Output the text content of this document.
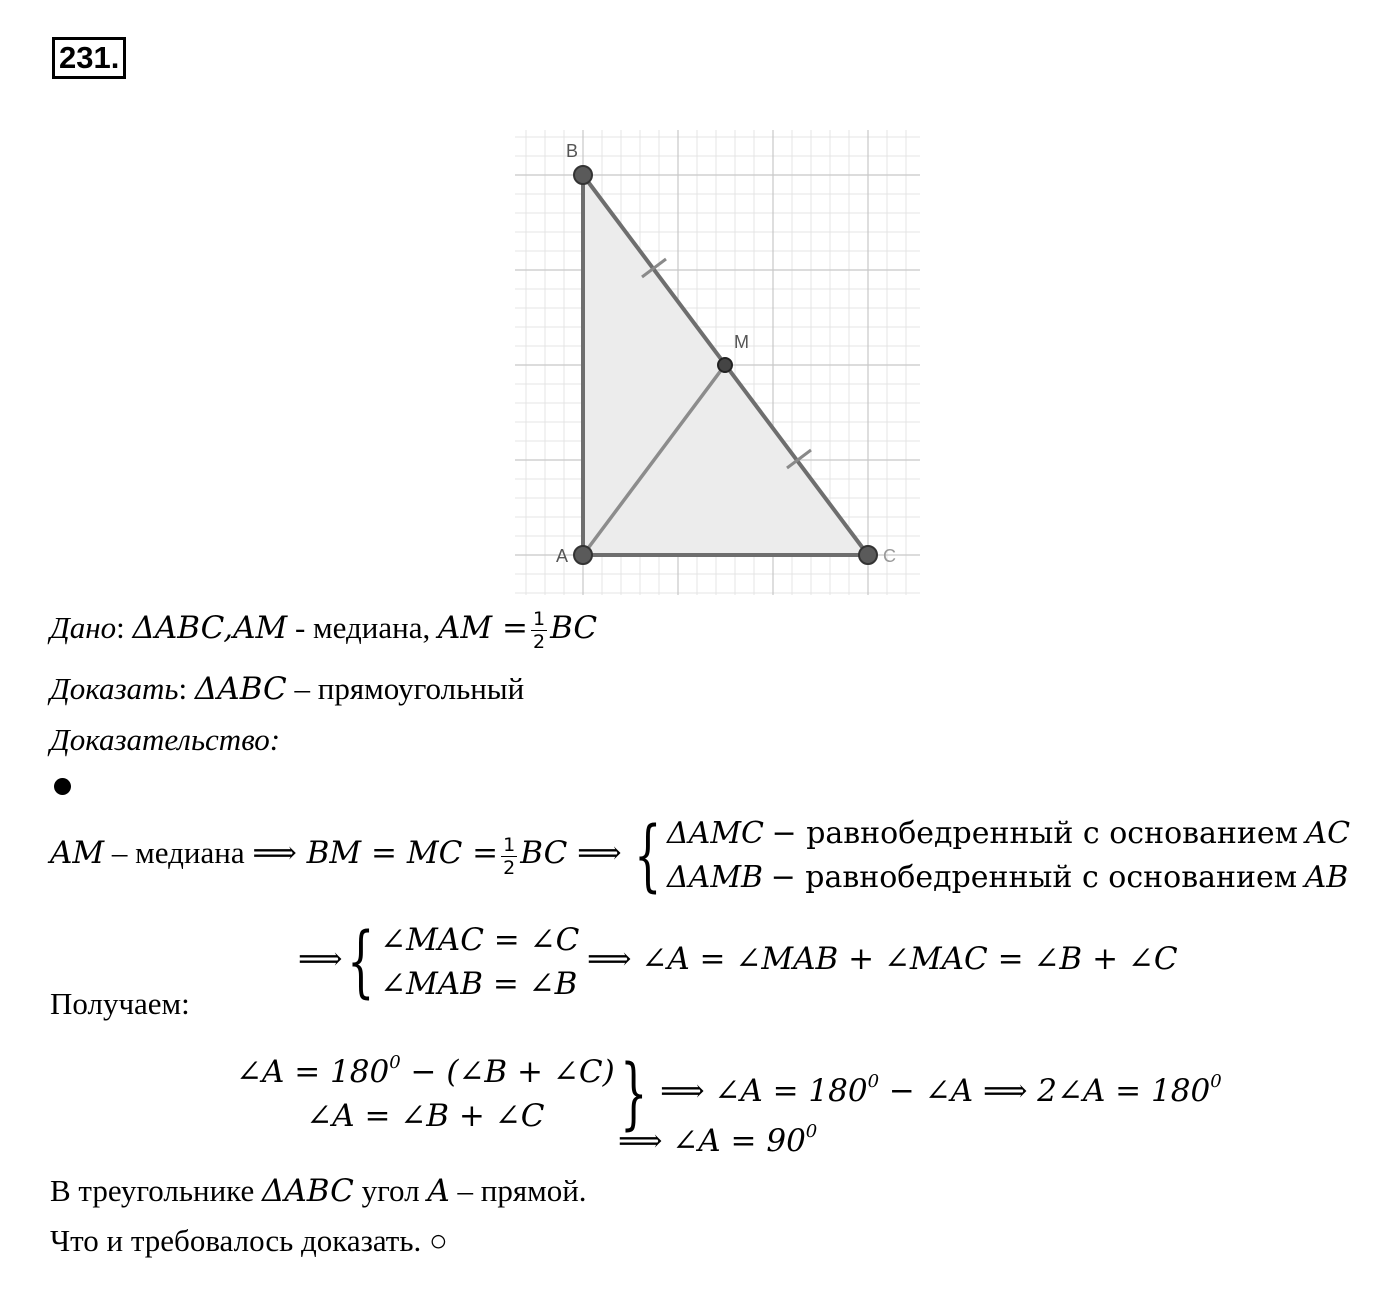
231.
B
M
A	C
Дано: ΔABC,AM - медиана, AM = $\frac{1}{2}$ BC
Доказать: ΔABC – прямоугольный
Доказательство:
AM – медиана ⟹ BM = MC = $\frac{1}{2}$ BC ⟹ { ΔAMC − равнобедренный с основанием AC
ΔAMB − равнобедренный с основанием AB
⟹{ ∠MAC = ∠C
∠MAB = ∠B
⟹ ∠A = ∠MAB + ∠MAC = ∠B + ∠C
Получаем:
∠A = $180^0$ − (∠B + ∠C)
∠A = ∠B + ∠C } ⟹ ∠A = $180^0$ − ∠A ⟹ 2∠A = $180^0$
⟹ ∠A = $90^0$
В треугольнике ΔABC угол A – прямой.
Что и требовалось доказать. ○
